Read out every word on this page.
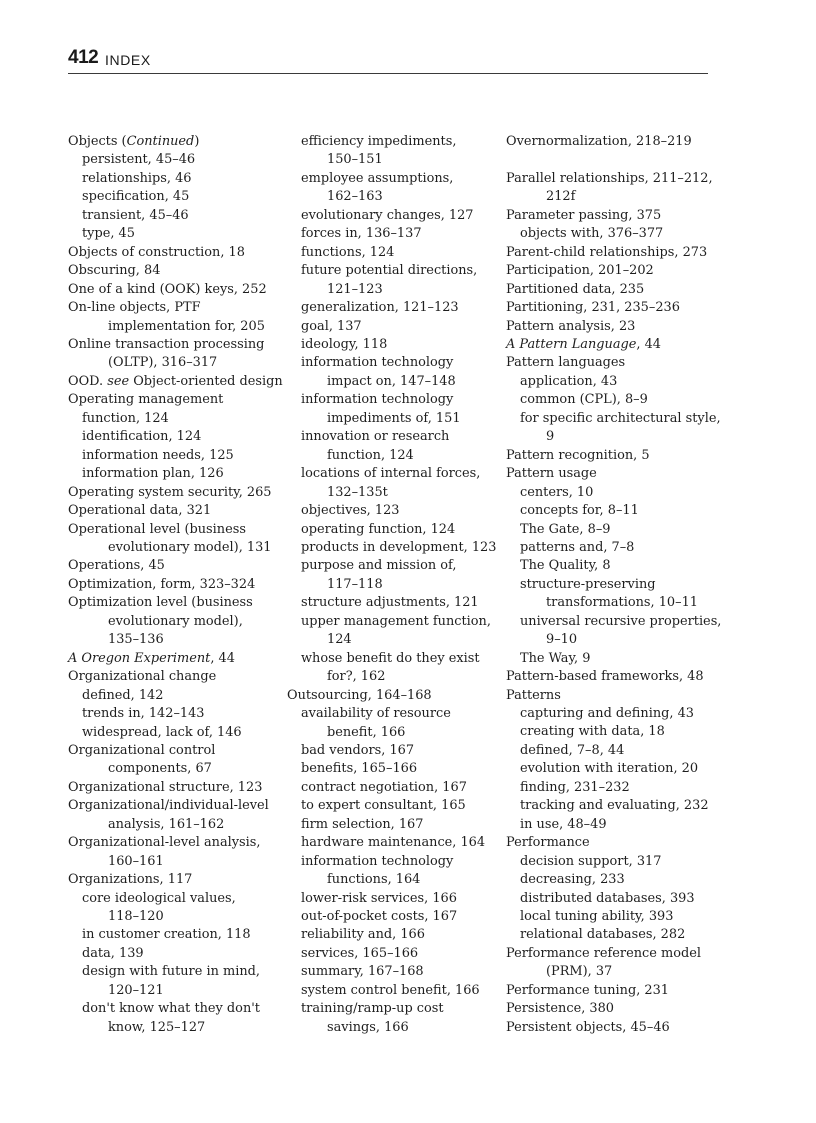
412 INDEX
Objects (Continued)
persistent, 45–46
relationships, 46
specification, 45
transient, 45–46
type, 45
Objects of construction, 18
Obscuring, 84
One of a kind (OOK) keys, 252
On-line objects, PTF
implementation for, 205
Online transaction processing
(OLTP), 316–317
OOD. see Object-oriented design
Operating management
function, 124
identification, 124
information needs, 125
information plan, 126
Operating system security, 265
Operational data, 321
Operational level (business
evolutionary model), 131
Operations, 45
Optimization, form, 323–324
Optimization level (business
evolutionary model),
135–136
A Oregon Experiment, 44
Organizational change
defined, 142
trends in, 142–143
widespread, lack of, 146
Organizational control
components, 67
Organizational structure, 123
Organizational/individual-level
analysis, 161–162
Organizational-level analysis,
160–161
Organizations, 117
core ideological values,
118–120
in customer creation, 118
data, 139
design with future in mind,
120–121
don't know what they don't
know, 125–127
efficiency impediments,
150–151
employee assumptions,
162–163
evolutionary changes, 127
forces in, 136–137
functions, 124
future potential directions,
121–123
generalization, 121–123
goal, 137
ideology, 118
information technology
impact on, 147–148
information technology
impediments of, 151
innovation or research
function, 124
locations of internal forces,
132–135t
objectives, 123
operating function, 124
products in development, 123
purpose and mission of,
117–118
structure adjustments, 121
upper management function,
124
whose benefit do they exist
for?, 162
Outsourcing, 164–168
availability of resource
benefit, 166
bad vendors, 167
benefits, 165–166
contract negotiation, 167
to expert consultant, 165
firm selection, 167
hardware maintenance, 164
information technology
functions, 164
lower-risk services, 166
out-of-pocket costs, 167
reliability and, 166
services, 165–166
summary, 167–168
system control benefit, 166
training/ramp-up cost
savings, 166
Overnormalization, 218–219
Parallel relationships, 211–212,
212f
Parameter passing, 375
objects with, 376–377
Parent-child relationships, 273
Participation, 201–202
Partitioned data, 235
Partitioning, 231, 235–236
Pattern analysis, 23
A Pattern Language, 44
Pattern languages
application, 43
common (CPL), 8–9
for specific architectural style,
9
Pattern recognition, 5
Pattern usage
centers, 10
concepts for, 8–11
The Gate, 8–9
patterns and, 7–8
The Quality, 8
structure-preserving
transformations, 10–11
universal recursive properties,
9–10
The Way, 9
Pattern-based frameworks, 48
Patterns
capturing and defining, 43
creating with data, 18
defined, 7–8, 44
evolution with iteration, 20
finding, 231–232
tracking and evaluating, 232
in use, 48–49
Performance
decision support, 317
decreasing, 233
distributed databases, 393
local tuning ability, 393
relational databases, 282
Performance reference model
(PRM), 37
Performance tuning, 231
Persistence, 380
Persistent objects, 45–46
